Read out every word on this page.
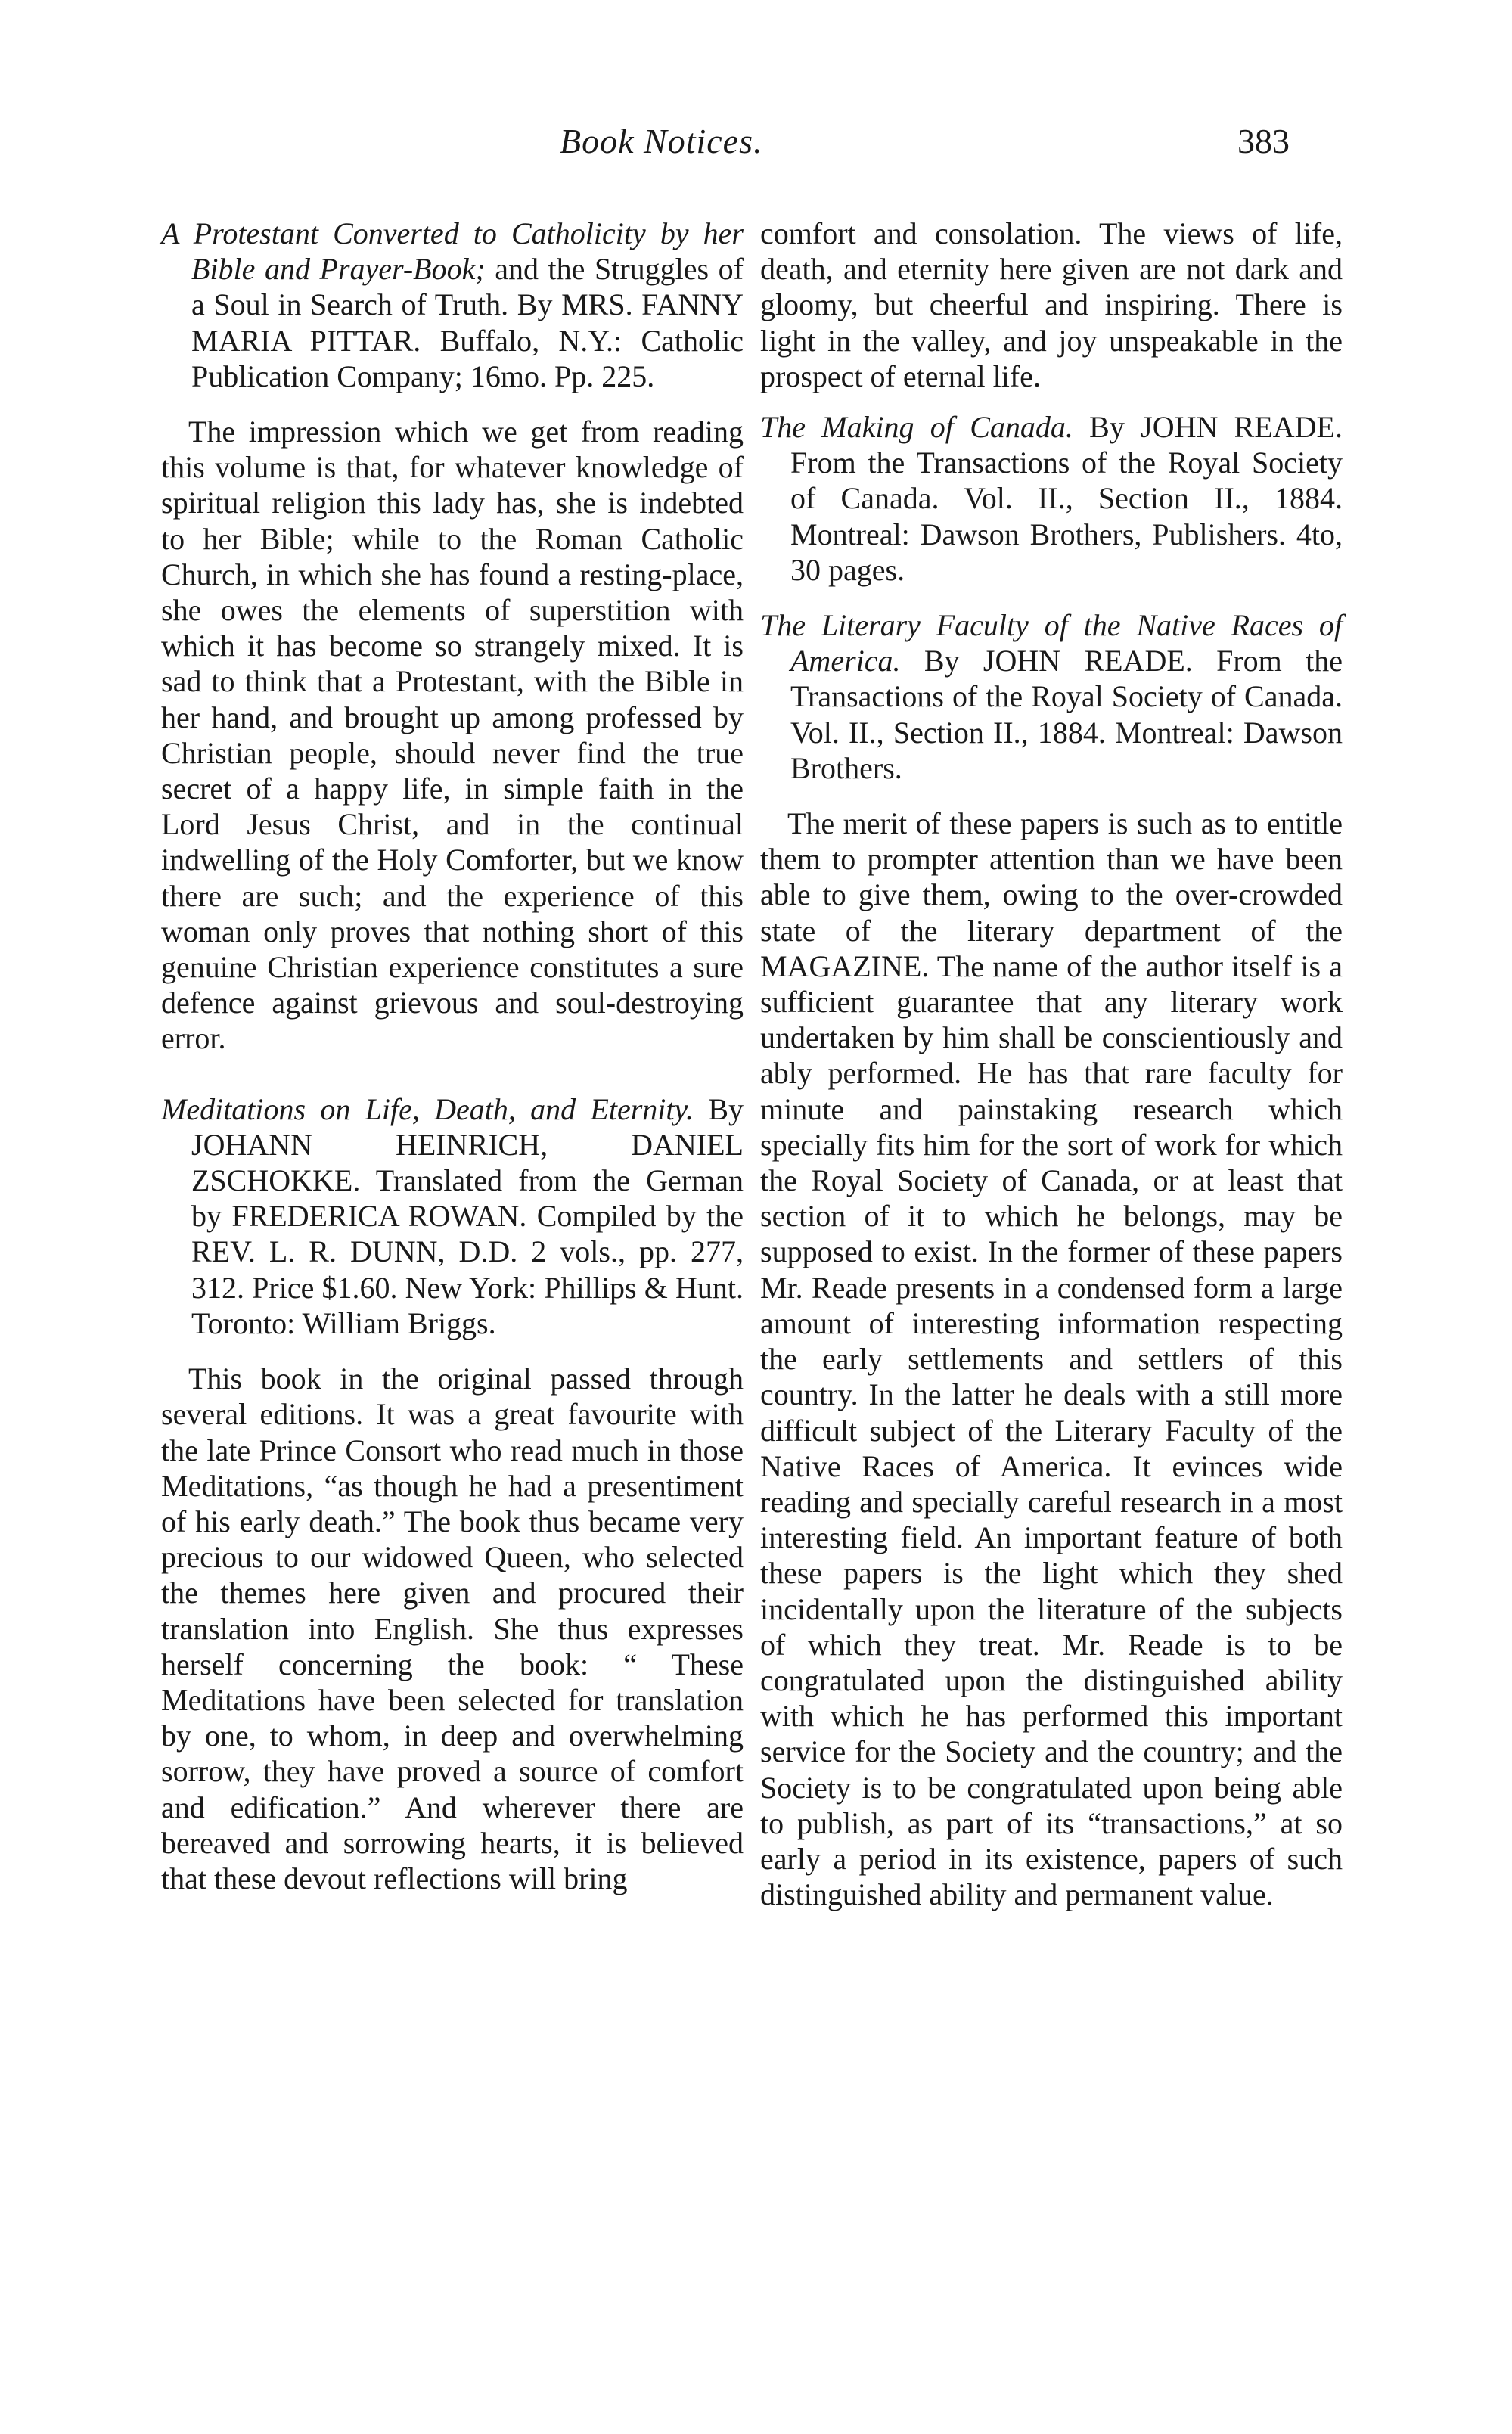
Book Notices.	383

A Protestant Converted to Catholicity by her Bible and Prayer-Book; and the Struggles of a Soul in Search of Truth. By MRS. FANNY MARIA PITTAR. Buffalo, N.Y.: Catholic Publication Company; 16mo. Pp. 225.

The impression which we get from reading this volume is that, for whatever knowledge of spiritual religion this lady has, she is indebted to her Bible; while to the Roman Catholic Church, in which she has found a resting-place, she owes the elements of superstition with which it has become so strangely mixed. It is sad to think that a Protestant, with the Bible in her hand, and brought up among professed by Christian people, should never find the true secret of a happy life, in simple faith in the Lord Jesus Christ, and in the continual indwelling of the Holy Comforter, but we know there are such; and the experience of this woman only proves that nothing short of this genuine Christian experience constitutes a sure defence against grievous and soul-destroying error.

Meditations on Life, Death, and Eternity. By JOHANN HEINRICH, DANIEL ZSCHOKKE. Translated from the German by FREDERICA ROWAN. Compiled by the REV. L. R. DUNN, D.D. 2 vols., pp. 277, 312. Price $1.60. New York: Phillips & Hunt. Toronto: William Briggs.

This book in the original passed through several editions. It was a great favourite with the late Prince Consort who read much in those Meditations, “as though he had a presentiment of his early death.” The book thus became very precious to our widowed Queen, who selected the themes here given and procured their translation into English. She thus expresses herself concerning the book: “ These Meditations have been selected for translation by one, to whom, in deep and overwhelming sorrow, they have proved a source of comfort and edification.” And wherever there are bereaved and sorrowing hearts, it is believed that these devout reflections will bring

comfort and consolation. The views of life, death, and eternity here given are not dark and gloomy, but cheerful and inspiring. There is light in the valley, and joy unspeakable in the prospect of eternal life.

The Making of Canada. By JOHN READE. From the Transactions of the Royal Society of Canada. Vol. II., Section II., 1884. Montreal: Dawson Brothers, Publishers. 4to, 30 pages.

The Literary Faculty of the Native Races of America. By JOHN READE. From the Transactions of the Royal Society of Canada. Vol. II., Section II., 1884. Montreal: Dawson Brothers.

The merit of these papers is such as to entitle them to prompter attention than we have been able to give them, owing to the over-crowded state of the literary department of the MAGAZINE. The name of the author itself is a sufficient guarantee that any literary work undertaken by him shall be conscientiously and ably performed. He has that rare faculty for minute and painstaking research which specially fits him for the sort of work for which the Royal Society of Canada, or at least that section of it to which he belongs, may be supposed to exist. In the former of these papers Mr. Reade presents in a condensed form a large amount of interesting information respecting the early settlements and settlers of this country. In the latter he deals with a still more difficult subject of the Literary Faculty of the Native Races of America. It evinces wide reading and specially careful research in a most interesting field. An important feature of both these papers is the light which they shed incidentally upon the literature of the subjects of which they treat. Mr. Reade is to be congratulated upon the distinguished ability with which he has performed this important service for the Society and the country; and the Society is to be congratulated upon being able to publish, as part of its “transactions,” at so early a period in its existence, papers of such distinguished ability and permanent value.
